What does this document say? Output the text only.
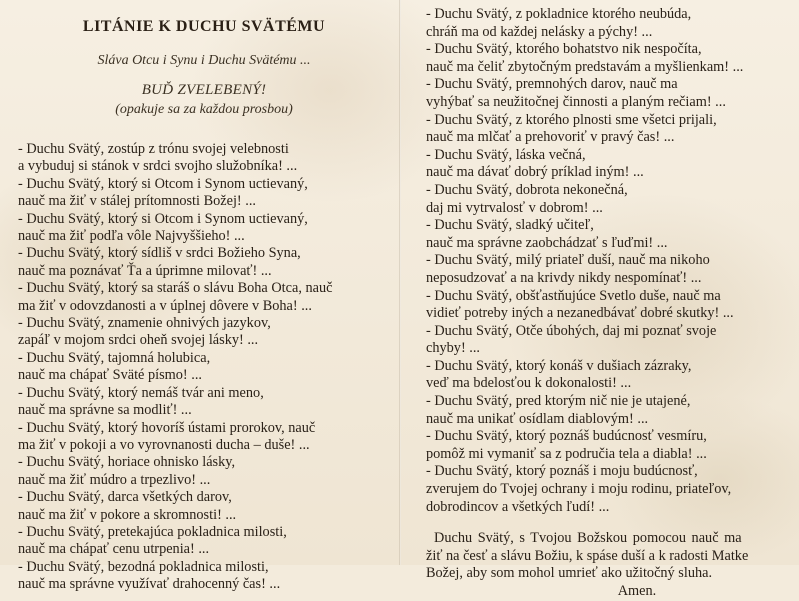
LITÁNIE K DUCHU SVÄTÉMU

Sláva Otcu i Synu i Duchu Svätému ...

BUĎ ZVELEBENÝ!

(opakuje sa za každou prosbou)

- Duchu Svätý, zostúp z trónu svojej velebnosti

a vybuduj si stánok v srdci svojho služobníka! ...

- Duchu Svätý, ktorý si Otcom i Synom uctievaný,

nauč ma žiť v stálej prítomnosti Božej! ...

- Duchu Svätý, ktorý si Otcom i Synom uctievaný,

nauč ma žiť podľa vôle Najvyššieho! ...

- Duchu Svätý, ktorý sídliš v srdci Božieho Syna,

nauč ma poznávať Ťa a úprimne milovať! ...

- Duchu Svätý, ktorý sa staráš o slávu Boha Otca, nauč

ma žiť v odovzdanosti a v úplnej dôvere v Boha! ...

- Duchu Svätý, znamenie ohnivých jazykov,

zapáľ v mojom srdci oheň svojej lásky! ...

- Duchu Svätý, tajomná holubica,

nauč ma chápať Sväté písmo! ...

- Duchu Svätý, ktorý nemáš tvár ani meno,

nauč ma správne sa modliť! ...

- Duchu Svätý, ktorý hovoríš ústami prorokov, nauč

ma žiť v pokoji a vo vyrovnanosti ducha – duše! ...

- Duchu Svätý, horiace ohnisko lásky,

nauč ma žiť múdro a trpezlivo! ...

- Duchu Svätý, darca všetkých darov,

nauč ma žiť v pokore a skromnosti! ...

- Duchu Svätý, pretekajúca pokladnica milosti,

nauč ma chápať cenu utrpenia! ...

- Duchu Svätý, bezodná pokladnica milosti,

nauč ma správne využívať drahocenný čas! ...

- Duchu Svätý, z pokladnice ktorého neubúda,

chráň ma od každej nelásky a pýchy! ...

- Duchu Svätý, ktorého bohatstvo nik nespočíta,

nauč ma čeliť zbytočným predstavám a myšlienkam! ...

- Duchu Svätý, premnohých darov, nauč ma

vyhýbať sa neužitočnej činnosti a planým rečiam! ...

- Duchu Svätý, z ktorého plnosti sme všetci prijali,

nauč ma mlčať a prehovoriť v pravý čas! ...

- Duchu Svätý, láska večná,

nauč ma dávať dobrý príklad iným! ...

- Duchu Svätý, dobrota nekonečná,

daj mi vytrvalosť v dobrom! ...

- Duchu Svätý, sladký učiteľ,

nauč ma správne zaobchádzať s ľuďmi! ...

- Duchu Svätý, milý priateľ duší, nauč ma nikoho

neposudzovať a na krivdy nikdy nespomínať! ...

- Duchu Svätý, obšťastňujúce Svetlo duše, nauč ma

vidieť potreby iných a nezanedbávať dobré skutky! ...

- Duchu Svätý, Otče úbohých, daj mi poznať svoje

chyby! ...

- Duchu Svätý, ktorý konáš v dušiach zázraky,

veď ma bdelosťou k dokonalosti! ...

- Duchu Svätý, pred ktorým nič nie je utajené,

nauč ma unikať osídlam diablovým! ...

- Duchu Svätý, ktorý poznáš budúcnosť vesmíru,

pomôž mi vymaniť sa z područia tela a diabla! ...

- Duchu Svätý, ktorý poznáš i moju budúcnosť,

zverujem do Tvojej ochrany i moju rodinu, priateľov,

dobrodincov a všetkých ľudí! ...

Duchu Svätý, s Tvojou Božskou pomocou nauč ma
žiť na česť a slávu Božiu, k spáse duší a k radosti Matke
Božej, aby som mohol umrieť ako užitočný sluha.
Amen.
